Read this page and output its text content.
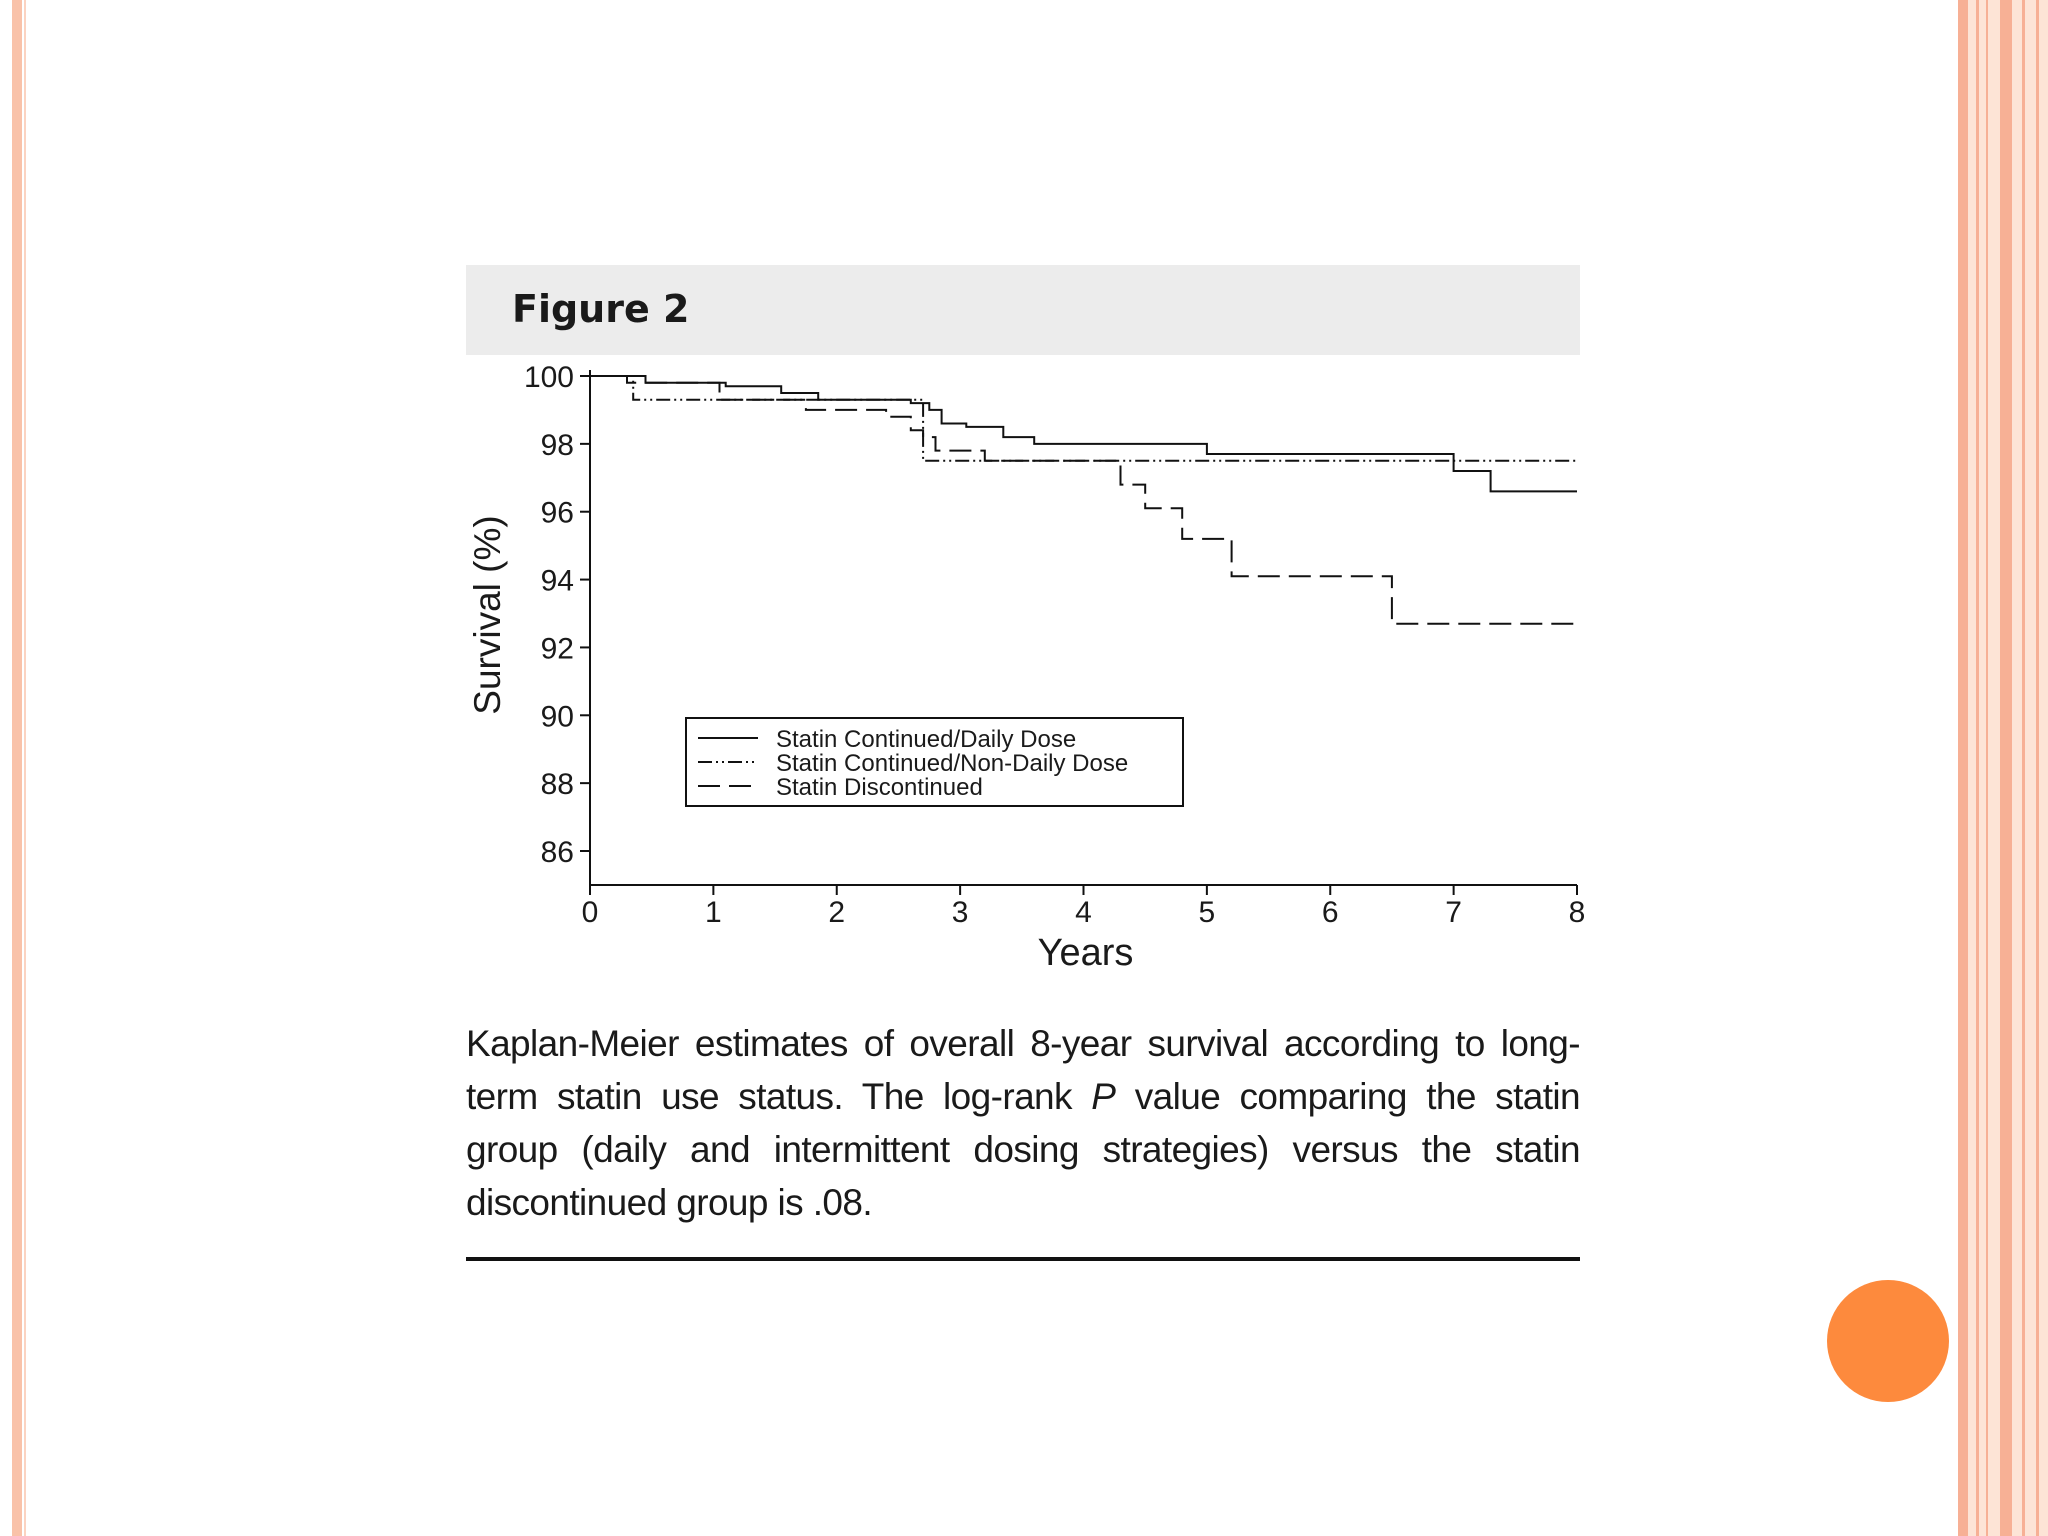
Figure 2
86
88
90
92
94
96
98
100
0	1	2	3	4	5	6	7	8
Years
Survival (%)
Statin Continued/Daily Dose
Statin Continued/Non-Daily Dose
Statin Discontinued
Kaplan-Meier estimates of overall 8-year survival according to long-term statin use status. The log-rank P value comparing the statin group (daily and intermittent dosing strategies) versus the statin discontinued group is .08.
